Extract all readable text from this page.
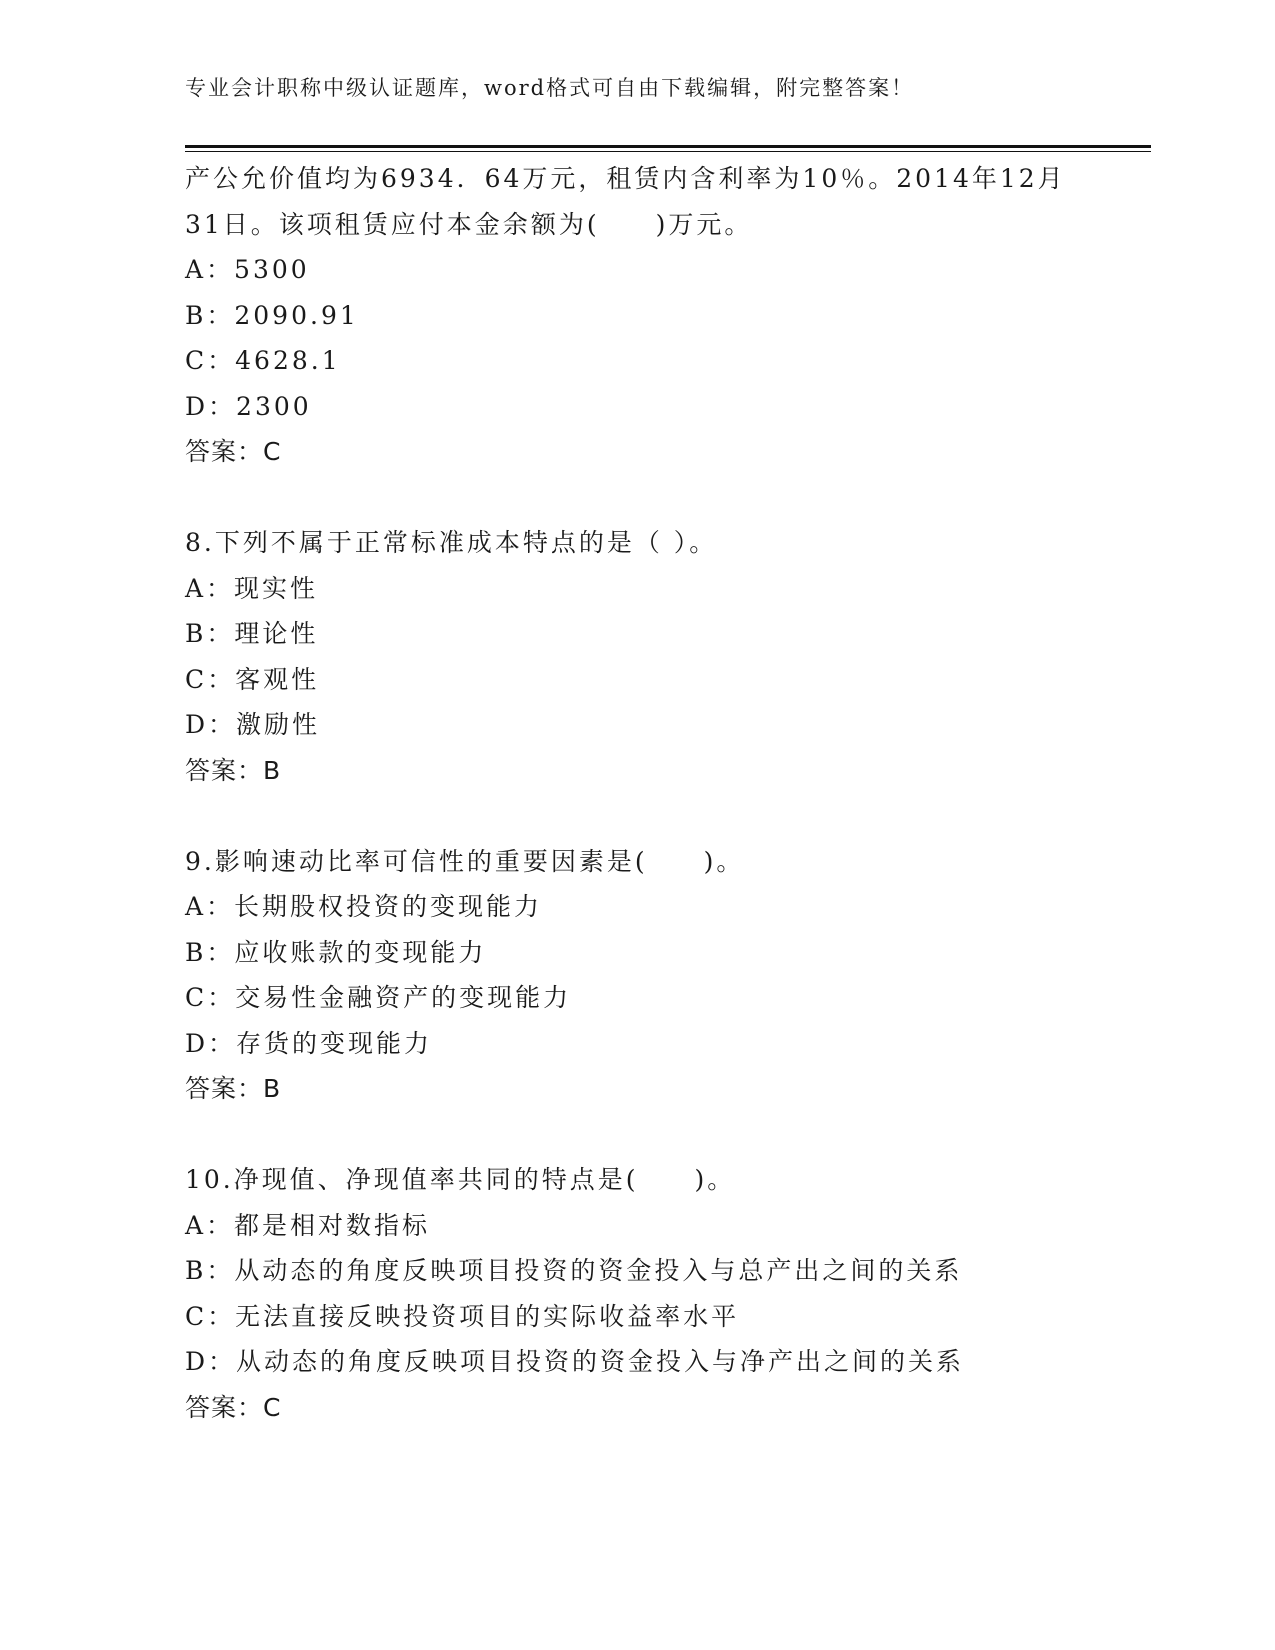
专业会计职称中级认证题库，word格式可自由下载编辑，附完整答案！
产公允价值均为6934．64万元，租赁内含利率为10％。2014年12月
31日。该项租赁应付本金余额为(　　)万元。
A：5300
B：2090.91
C：4628.1
D：2300
答案：C
8.下列不属于正常标准成本特点的是（ ）。
A：现实性
B：理论性
C：客观性
D：激励性
答案：B
9.影响速动比率可信性的重要因素是(　　)。
A：长期股权投资的变现能力
B：应收账款的变现能力
C：交易性金融资产的变现能力
D：存货的变现能力
答案：B
10.净现值、净现值率共同的特点是(　　)。
A：都是相对数指标
B：从动态的角度反映项目投资的资金投入与总产出之间的关系
C：无法直接反映投资项目的实际收益率水平
D：从动态的角度反映项目投资的资金投入与净产出之间的关系
答案：C
